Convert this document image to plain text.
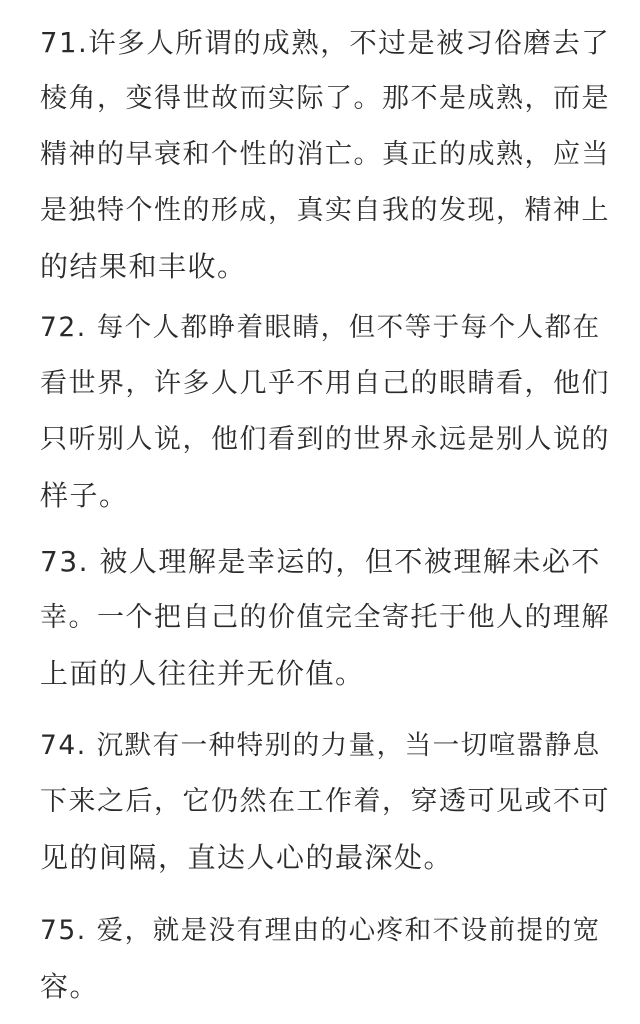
71.许多人所谓的成熟，不过是被习俗磨去了
棱角，变得世故而实际了。那不是成熟，而是
精神的早衰和个性的消亡。真正的成熟，应当
是独特个性的形成，真实自我的发现，精神上
的结果和丰收。
72. 每个人都睁着眼睛，但不等于每个人都在
看世界，许多人几乎不用自己的眼睛看，他们
只听别人说，他们看到的世界永远是别人说的
样子。
73. 被人理解是幸运的，但不被理解未必不
幸。一个把自己的价值完全寄托于他人的理解
上面的人往往并无价值。
74. 沉默有一种特别的力量，当一切喧嚣静息
下来之后，它仍然在工作着，穿透可见或不可
见的间隔，直达人心的最深处。
75. 爱，就是没有理由的心疼和不设前提的宽
容。
